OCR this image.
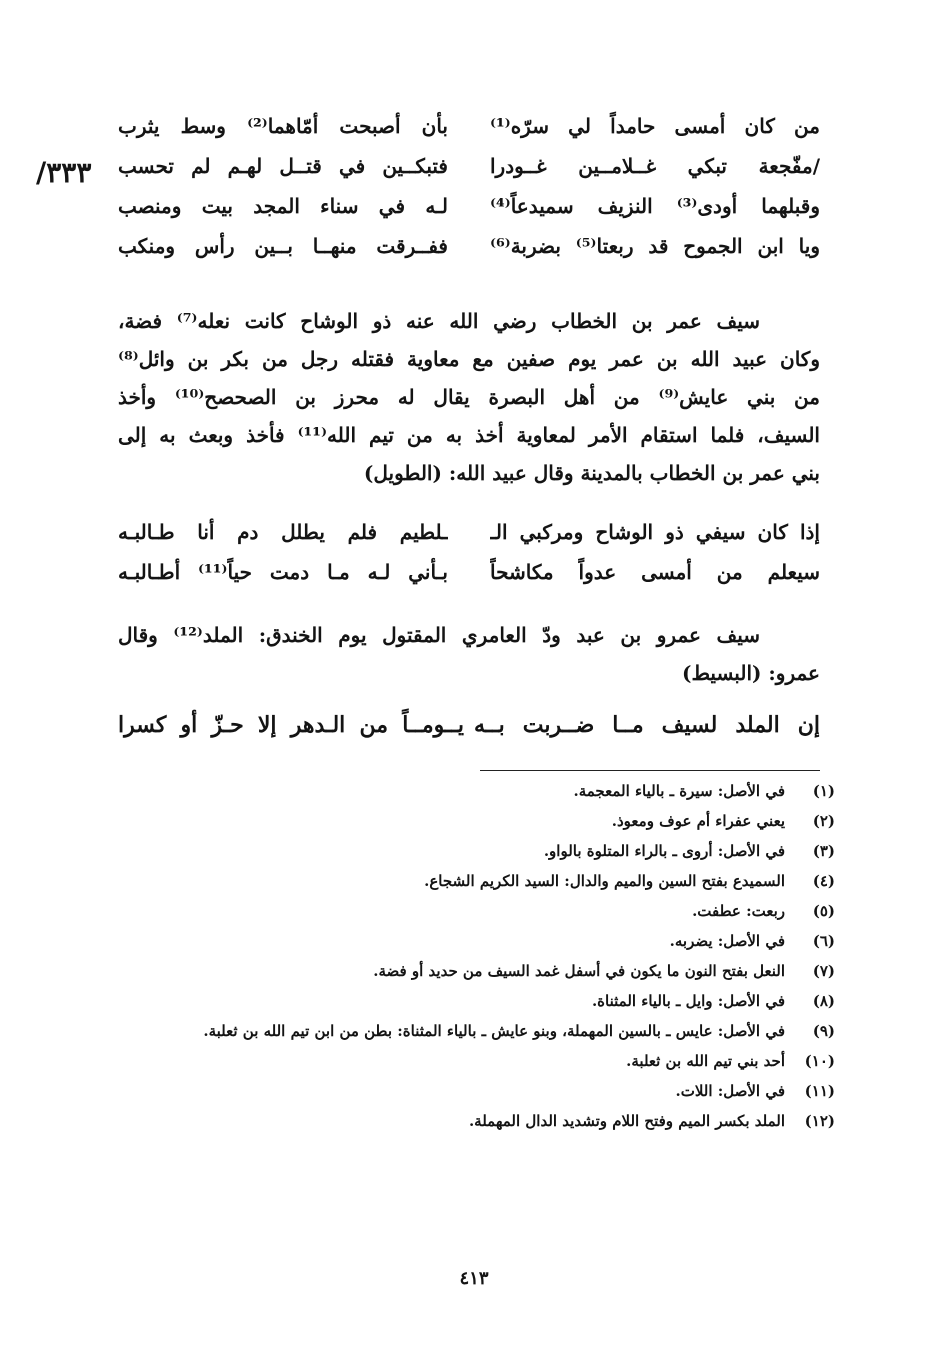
/٣٣٣
من كان أمسى حامداً لي سرّه⁽¹⁾
بأن أصبحت أمّاهما⁽²⁾ وسط يثرب
/مفّجعة تبكي غــلامــين غــودرا
فتبكــين في قتــل لهـم لم تحسب
وقبلهما أودى⁽³⁾ النزيف سميدعاً⁽⁴⁾
لـه في سناء المجد بيت ومنصب
ويا ابن الجموح قد ربعتا⁽⁵⁾ بضربة⁽⁶⁾
ففــرقت منهــا بــين رأس ومنكب
سيف عمر بن الخطاب رضي الله عنه ذو الوشاح كانت نعله⁽⁷⁾ فضة،
وكان عبيد الله بن عمر يوم صفين مع معاوية فقتله رجل من بكر بن وائل⁽⁸⁾
من بني عايش⁽⁹⁾ من أهل البصرة يقال له محرز بن الصحصح⁽¹⁰⁾ وأخذ
السيف، فلما استقام الأمر لمعاوية أخذ به من تيم الله⁽¹¹⁾ فأخذ وبعث به إلى
بني عمر بن الخطاب بالمدينة وقال عبيد الله: (الطويل)
إذا كان سيفي ذو الوشاح ومركبي الـ
ـلطيم فلم يطلل دم أنا طـالبـه
سيعلم من أمسى عدواً مكاشحاً
بـأني لـه مـا دمت حياً⁽¹¹⁾ أطـالبـه
سيف عمرو بن عبد ودّ العامري المقتول يوم الخندق: الملد⁽¹²⁾ وقال
عمرو: (البسيط)
إن الملد لسيف مــا ضــربت بــه
يــومــاً من الـدهر إلا حـزّ أو كسرا
(١)
في الأصل: سيرة ـ بالياء المعجمة.
(٢)
يعني عفراء أم عوف ومعوذ.
(٣)
في الأصل: أروى ـ بالراء المتلوة بالواو.
(٤)
السميدع بفتح السين والميم والدال: السيد الكريم الشجاع.
(٥)
ربعت: عطفت.
(٦)
في الأصل: يضربه.
(٧)
النعل بفتح النون ما يكون في أسفل غمد السيف من حديد أو فضة.
(٨)
في الأصل: وايل ـ بالياء المثناة.
(٩)
في الأصل: عايس ـ بالسين المهملة، وبنو عايش ـ بالياء المثناة: بطن من ابن تيم الله بن ثعلبة.
(١٠)
أحد بني تيم الله بن ثعلبة.
(١١)
في الأصل: اللات.
(١٢)
الملد بكسر الميم وفتح اللام وتشديد الدال المهملة.
٤١٣
